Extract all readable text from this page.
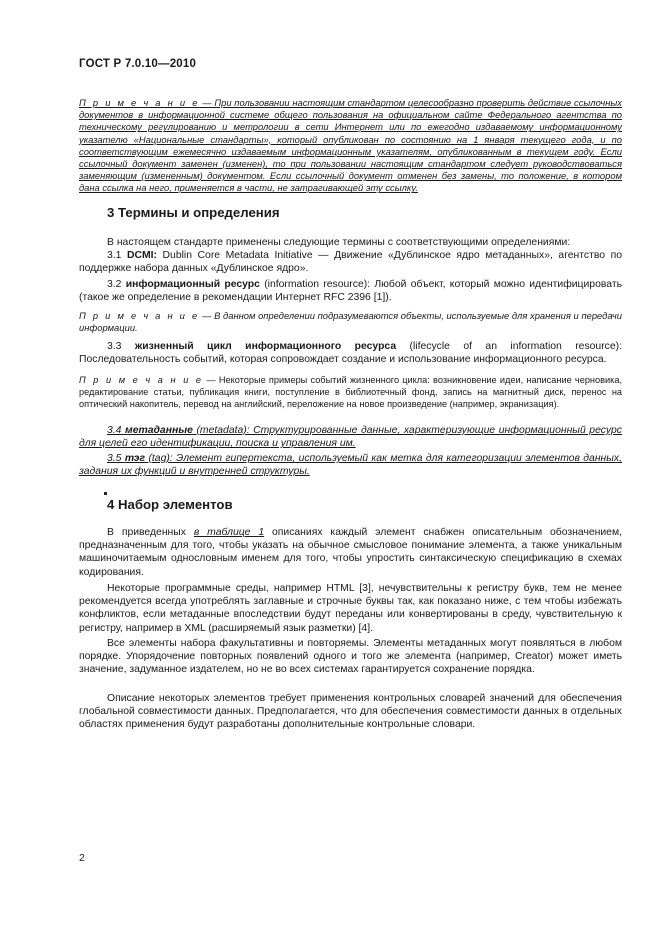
ГОСТ Р 7.0.10—2010
П р и м е ч а н и е — При пользовании настоящим стандартом целесообразно проверить действие ссылочных документов в информационной системе общего пользования на официальном сайте Федерального агентства по техническому регулированию и метрологии в сети Интернет или по ежегодно издаваемому информационному указателю «Национальные стандарты», который опубликован по состоянию на 1 января текущего года, и по соответствующим ежемесячно издаваемым информационным указателям, опубликованным в текущем году. Если ссылочный документ заменен (изменен), то при пользовании настоящим стандартом следует руководствоваться заменяющим (измененным) документом. Если ссылочный документ отменен без замены, то положение, в котором дана ссылка на него, применяется в части, не затрагивающей эту ссылку.
3 Термины и определения
В настоящем стандарте применены следующие термины с соответствующими определениями:
3.1 DCMI: Dublin Core Metadata Initiative — Движение «Дублинское ядро метаданных», агентство по поддержке набора данных «Дублинское ядро».
3.2 информационный ресурс (information resource): Любой объект, который можно идентифицировать (такое же определение в рекомендации Интернет RFC 2396 [1]).
П р и м е ч а н и е — В данном определении подразумеваются объекты, используемые для хранения и передачи информации.
3.3 жизненный цикл информационного ресурса (lifecycle of an information resource): Последовательность событий, которая сопровождает создание и использование информационного ресурса.
П р и м е ч а н и е — Некоторые примеры событий жизненного цикла: возникновение идеи, написание черновика, редактирование статьи, публикация книги, поступление в библиотечный фонд, запись на магнитный диск, перенос на оптический накопитель, перевод на английский, переложение на новое произведение (например, экранизация).
3.4 метаданные (metadata): Структурированные данные, характеризующие информационный ресурс для целей его идентификации, поиска и управления им.
3.5 тэг (tag): Элемент гипертекста, используемый как метка для категоризации элементов данных, задания их функций и внутренней структуры.
4 Набор элементов
В приведенных в таблице 1 описаниях каждый элемент снабжен описательным обозначением, предназначенным для того, чтобы указать на обычное смысловое понимание элемента, а также уникальным машиночитаемым однословным именем для того, чтобы упростить синтаксическую спецификацию в схемах кодирования.
Некоторые программные среды, например HTML [3], нечувствительны к регистру букв, тем не менее рекомендуется всегда употреблять заглавные и строчные буквы так, как показано ниже, с тем чтобы избежать конфликтов, если метаданные впоследствии будут переданы или конвертированы в среду, чувствительную к регистру, например в XML (расширяемый язык разметки) [4].
Все элементы набора факультативны и повторяемы. Элементы метаданных могут появляться в любом порядке. Упорядочение повторных появлений одного и того же элемента (например, Creator) может иметь значение, задуманное издателем, но не во всех системах гарантируется сохранение порядка.
Описание некоторых элементов требует применения контрольных словарей значений для обеспечения глобальной совместимости данных. Предполагается, что для обеспечения совместимости данных в отдельных областях применения будут разработаны дополнительные контрольные словари.
2
